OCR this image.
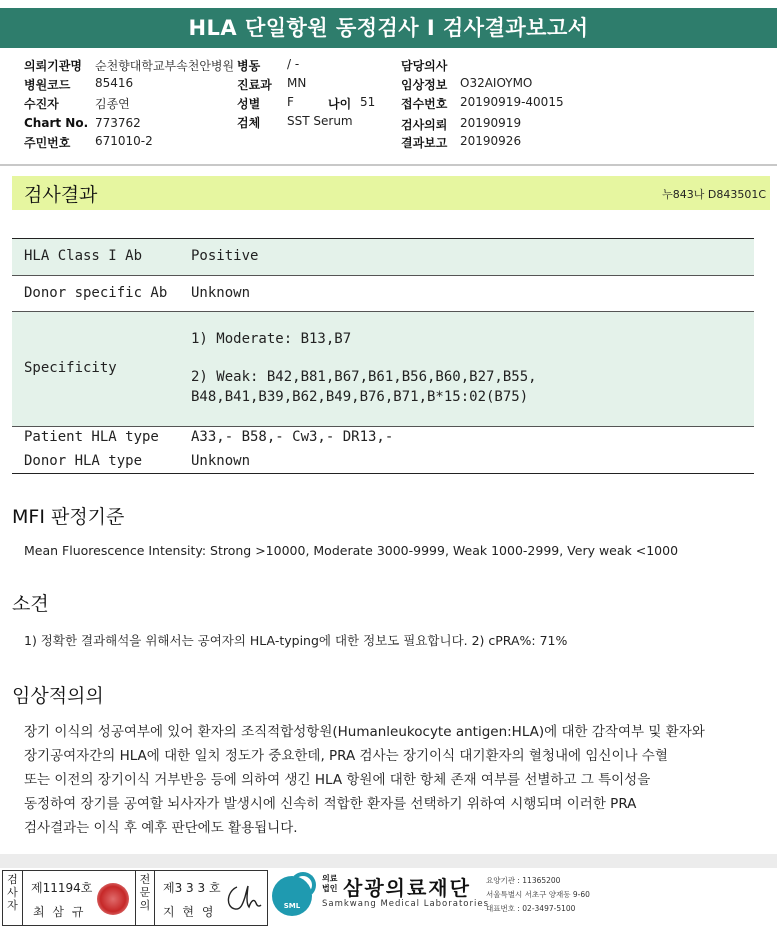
HLA 단일항원 동정검사 I 검사결과보고서
의뢰기관명 순천향대학교부속천안병원 병동 / -	담당의사
병원코드 85416	진료과 MN	임상정보 O32AIOYMO
수진자	김종연	성별 F	나이 51 접수번호 20190919-40015
Chart No. 773762	검체 SST Serum	검사의뢰 20190919
주민번호 671010-2	결과보고 20190926
검사결과	누843나 D843501C
HLA Class I Ab	Positive
Donor specific Ab Unknown
Specificity
1) Moderate: B13,B7
2) Weak: B42,B81,B67,B61,B56,B60,B27,B55,
B48,B41,B39,B62,B49,B76,B71,B*15:02(B75)
Patient HLA type A33,- B58,- Cw3,- DR13,-
Donor HLA type	Unknown
MFI 판정기준
Mean Fluorescence Intensity: Strong >10000, Moderate 3000-9999, Weak 1000-2999, Very weak <1000
소견
1) 정확한 결과해석을 위해서는 공여자의 HLA-typing에 대한 정보도 필요합니다. 2) cPRA%: 71%
임상적의의
장기 이식의 성공여부에 있어 환자의 조직적합성항원(Humanleukocyte antigen:HLA)에 대한 감작여부 및 환자와
장기공여자간의 HLA에 대한 일치 정도가 중요한데, PRA 검사는 장기이식 대기환자의 혈청내에 임신이나 수혈
또는 이전의 장기이식 거부반응 등에 의하여 생긴 HLA 항원에 대한 항체 존재 여부를 선별하고 그 특이성을
동정하여 장기를 공여할 뇌사자가 발생시에 신속히 적합한 환자를 선택하기 위하여 시행되며 이러한 PRA
검사결과는 이식 후 예후 판단에도 활용됩니다.
검사자
제11194호
최 삼 규
전문의
제3 3 3 호
지 현 영	SML
의료법인 삼광의료재단
Samkwang Medical Laboratories
요양기관 : 11365200
서울특별시 서초구 양재동 9-60
대표번호 : 02-3497-5100
